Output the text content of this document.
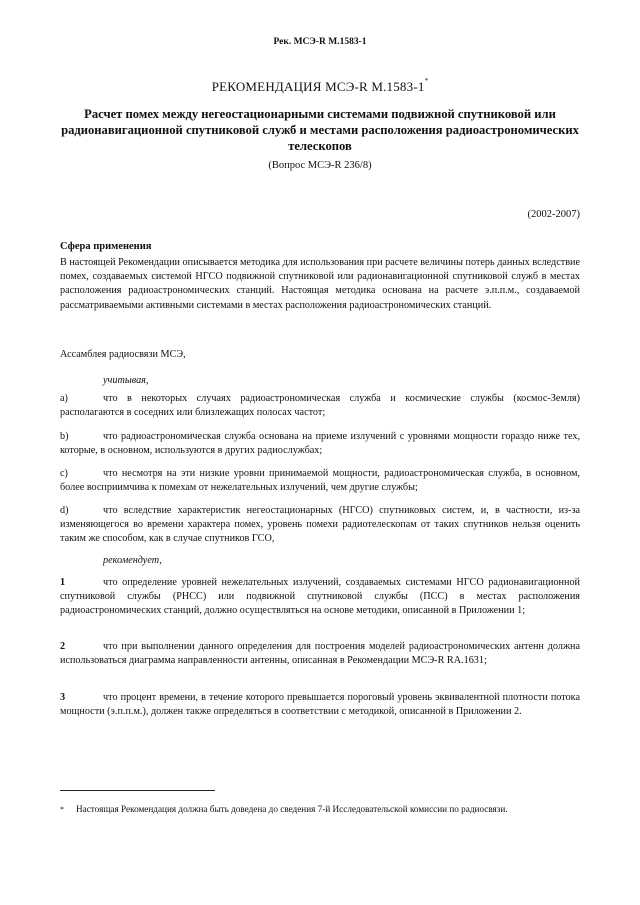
Рек. МСЭ-R M.1583-1
РЕКОМЕНДАЦИЯ МСЭ-R M.1583-1*
Расчет помех между негеостационарными системами подвижной спутниковой или радионавигационной спутниковой служб и местами расположения радиоастрономических телескопов
(Вопрос МСЭ-R 236/8)
(2002-2007)
Сфера применения
В настоящей Рекомендации описывается методика для использования при расчете величины потерь данных вследствие помех, создаваемых системой НГСО подвижной спутниковой или радионавигационной спутниковой служб в местах расположения радиоастрономических станций. Настоящая методика основана на расчете э.п.п.м., создаваемой рассматриваемыми активными системами в местах расположения радиоастрономических станций.
Ассамблея радиосвязи МСЭ,
учитывая,
a)	что в некоторых случаях радиоастрономическая служба и космические службы (космос-Земля) располагаются в соседних или близлежащих полосах частот;
b)	что радиоастрономическая служба основана на приеме излучений с уровнями мощности гораздо ниже тех, которые, в основном, используются в других радиослужбах;
c)	что несмотря на эти низкие уровни принимаемой мощности, радиоастрономическая служба, в основном, более восприимчива к помехам от нежелательных излучений, чем другие службы;
d)	что вследствие характеристик негеостационарных (НГСО) спутниковых систем, и, в частности, из-за изменяющегося во времени характера помех, уровень помехи радиотелескопам от таких спутников нельзя оценить таким же способом, как в случае спутников ГСО,
рекомендует,
1	что определение уровней нежелательных излучений, создаваемых системами НГСО радионавигационной спутниковой службы (РНСС) или подвижной спутниковой службы (ПСС) в местах расположения радиоастрономических станций, должно осуществляться на основе методики, описанной в Приложении 1;
2	что при выполнении данного определения для построения моделей радиоастрономических антенн должна использоваться диаграмма направленности антенны, описанная в Рекомендации МСЭ-R RA.1631;
3	что процент времени, в течение которого превышается пороговый уровень эквивалентной плотности потока мощности (э.п.п.м.), должен также определяться в соответствии с методикой, описанной в Приложении 2.
* Настоящая Рекомендация должна быть доведена до сведения 7-й Исследовательской комиссии по радиосвязи.
